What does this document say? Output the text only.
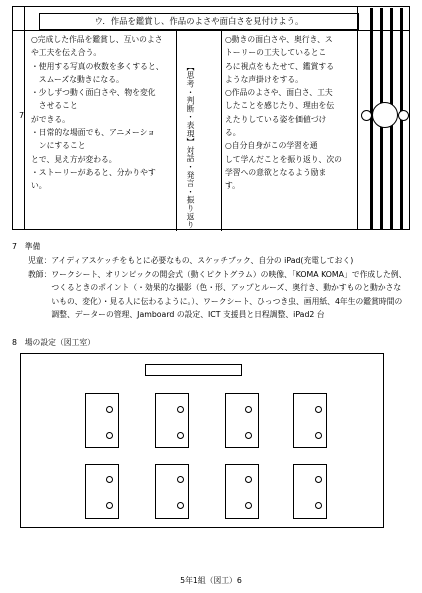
ウ．作品を鑑賞し、作品のよさや面白さを見付けよう。
7
○完成した作品を鑑賞し、互いのよさ
や工夫を伝え合う。
・使用する写真の枚数を多くすると、
　スムーズな動きになる。
・少しずつ動く面白さや、物を変化
　させること
ができる。
・日常的な場面でも、アニメーショ
　ンにすること
とで、見え方が変わる。
・ストーリーがあると、分かりやす
い。	【思考・判断・表現】対話・発言・振り返り
○動きの面白さや、奥行き、ス
トーリーの工夫しているとこ
ろに視点をもたせて、鑑賞する
ような声掛けをする。
○作品のよさや、面白さ、工夫
したことを感じたり、理由を伝
えたりしている姿を価値づけ
る。
○自分自身がこの学習を通
して学んだことを振り返り、次の
学習への意欲となるよう励ま
す。
7　準備
児童：アイディアスケッチをもとに必要なもの、スケッチブック、自分の iPad(充電しておく)
教師：ワークシート、オリンピックの開会式（動くピクトグラム）の映像、「KOMA KOMA」で作成した例、
　　　つくるときのポイント（・効果的な撮影（色・形、アップとルーズ、奥行き、動かすものと動かさな
　　　いもの、変化）・見る人に伝わるように。）、ワークシート、ひっつき虫、画用紙、4年生の鑑賞時間の
　　　調整、データーの管理、Jamboard の設定、ICT 支援員と日程調整、iPad2 台
8　場の設定（図工室）
5年1組（図工）6
